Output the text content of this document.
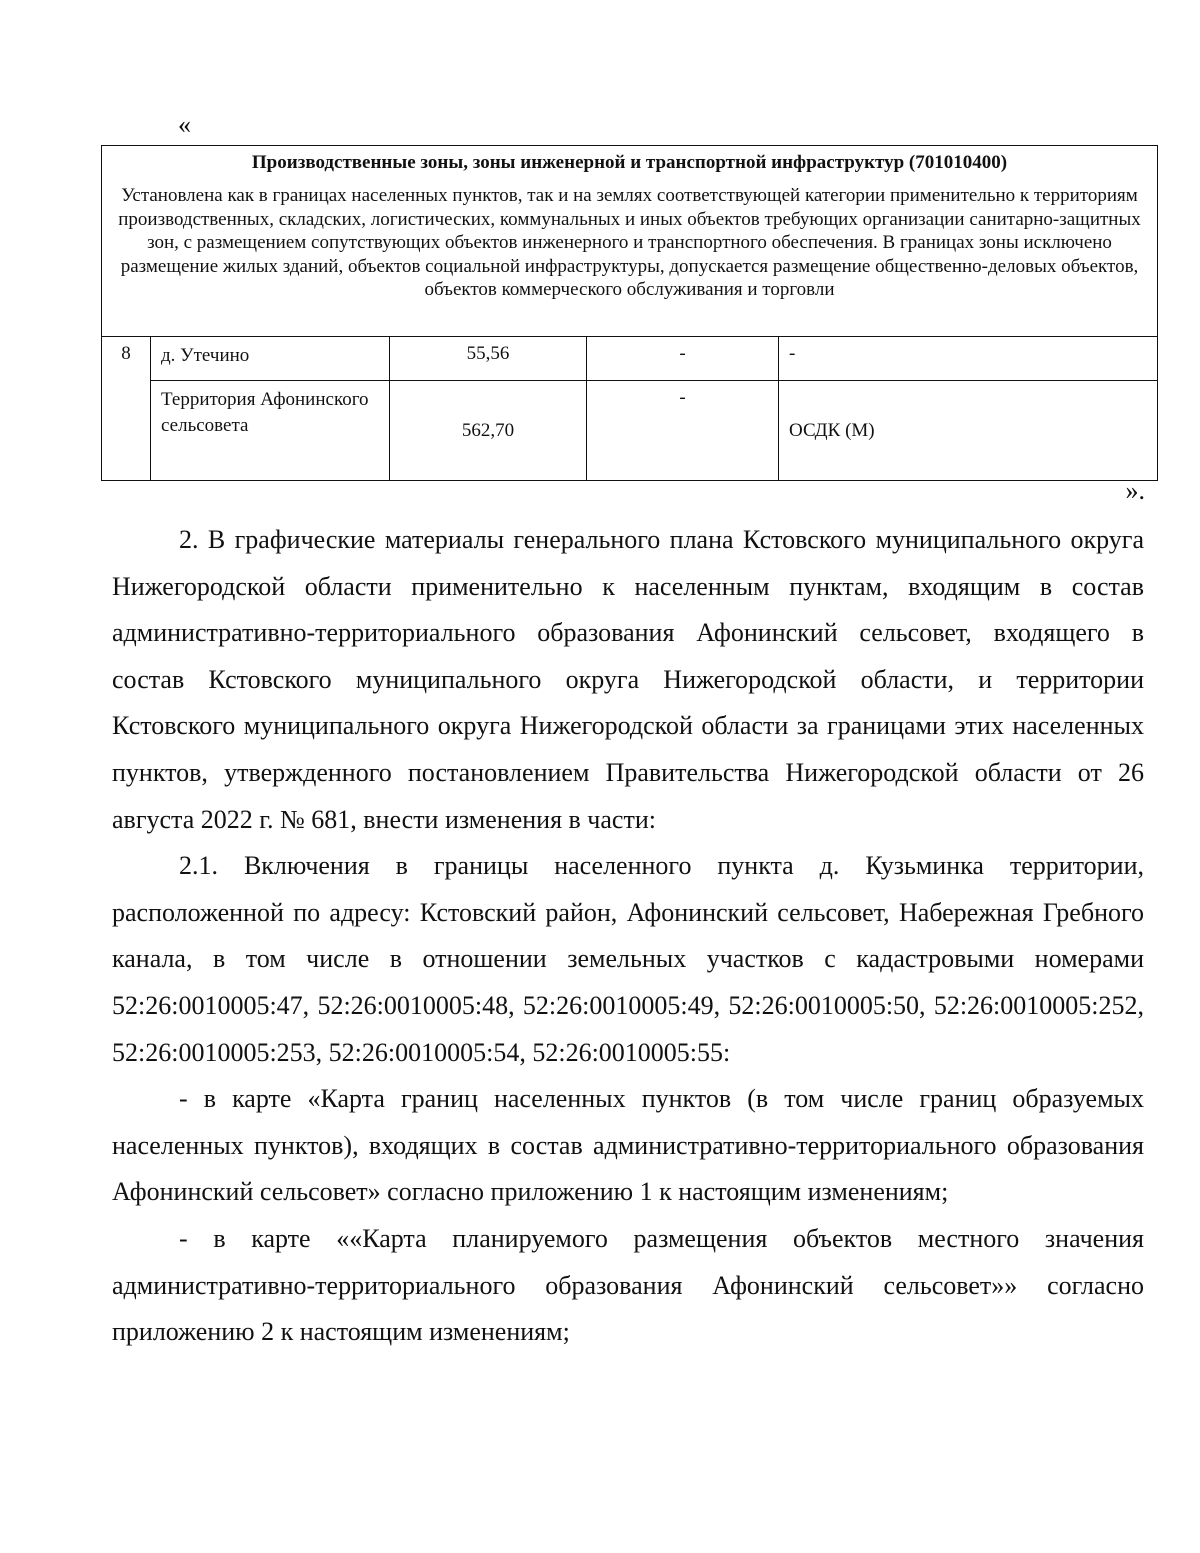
«
Производственные зоны, зоны инженерной и транспортной инфраструктур (701010400)
Установлена как в границах населенных пунктов, так и на землях соответствующей категории применительно к территориям производственных, складских, логистических, коммунальных и иных объектов требующих организации санитарно-защитных зон, с размещением сопутствующих объектов инженерного и транспортного обеспечения. В границах зоны исключено размещение жилых зданий, объектов социальной инфраструктуры, допускается размещение общественно-деловых объектов, объектов коммерческого обслуживания и торговли				

8	д. Утечино	55,56	-	-
	Территория Афонинского сельсовета	562,70	-	ОСДК (М)
».

2. В графические материалы генерального плана Кстовского муниципального округа Нижегородской области применительно к населенным пунктам, входящим в состав административно-территориального образования Афонинский сельсовет, входящего в состав Кстовского муниципального округа Нижегородской области, и территории Кстовского муниципального округа Нижегородской области за границами этих населенных пунктов, утвержденного постановлением Правительства Нижегородской области от 26 августа 2022 г. № 681, внести изменения в части:

2.1. Включения в границы населенного пункта д. Кузьминка территории, расположенной по адресу: Кстовский район, Афонинский сельсовет, Набережная Гребного канала, в том числе в отношении земельных участков с кадастровыми номерами 52:26:0010005:47, 52:26:0010005:48, 52:26:0010005:49, 52:26:0010005:50, 52:26:0010005:252, 52:26:0010005:253, 52:26:0010005:54, 52:26:0010005:55:

- в карте «Карта границ населенных пунктов (в том числе границ образуемых населенных пунктов), входящих в состав административно-территориального образования Афонинский сельсовет» согласно приложению 1 к настоящим изменениям;

- в карте ««Карта планируемого размещения объектов местного значения административно-территориального образования Афонинский сельсовет»» согласно приложению 2 к настоящим изменениям;
